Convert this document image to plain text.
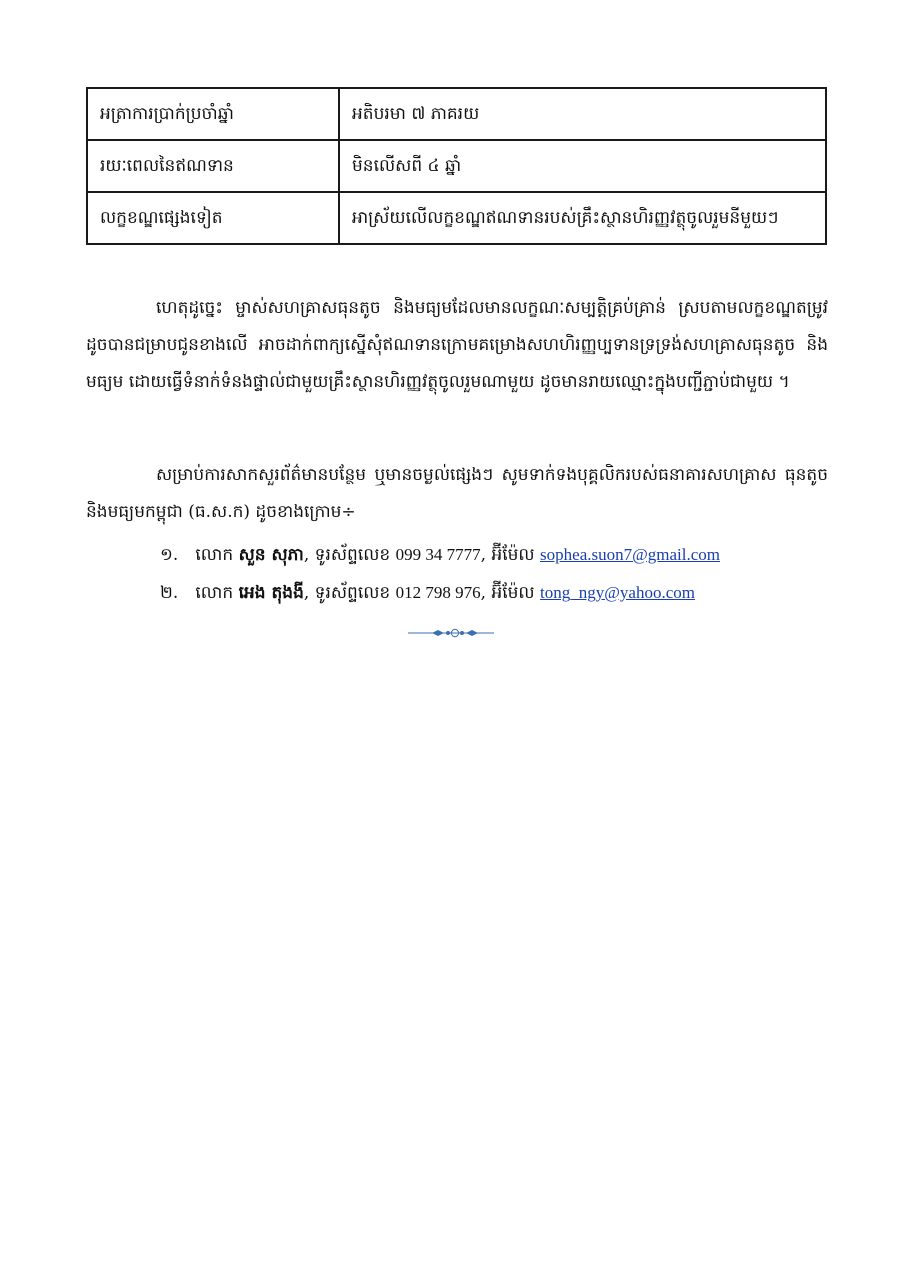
អត្រាការប្រាក់ប្រចាំឆ្នាំ	អតិបរមា ៧ ភាគរយ
រយៈពេលនៃឥណទាន	មិនលើសពី ៤ ឆ្នាំ
លក្ខខណ្ឌផ្សេងទៀត	អាស្រ័យលើលក្ខខណ្ឌឥណទានរបស់គ្រឹះស្ថានហិរញ្ញវត្ថុចូលរួមនីមួយៗ

ហេតុដូច្នេះ ម្ចាស់សហគ្រាសធុនតូច និងមធ្យមដែលមានលក្ខណៈសម្បត្តិគ្រប់គ្រាន់ ស្របតាមលក្ខខណ្ឌតម្រូវ ដូចបានជម្រាបជូនខាងលើ អាចដាក់ពាក្យស្នើសុំឥណទានក្រោមគម្រោងសហហិរញ្ញប្បទានទ្រទ្រង់សហគ្រាសធុនតូច និងមធ្យម ដោយធ្វើទំនាក់ទំនងផ្ទាល់ជាមួយគ្រឹះស្ថានហិរញ្ញវត្ថុចូលរួមណាមួយ ដូចមានរាយឈ្មោះក្នុងបញ្ជីភ្ជាប់ជាមួយ ។

សម្រាប់ការសាកសួរព័ត៌មានបន្ថែម ឬមានចម្ងល់ផ្សេងៗ សូមទាក់ទងបុគ្គលិករបស់ធនាគារសហគ្រាស ធុនតូច និងមធ្យមកម្ពុជា (ធ.ស.ក) ដូចខាងក្រោម÷

១. លោក សួន សុភា, ទូរស័ព្ទលេខ 099 34 7777, អ៊ីម៉ែល sophea.suon7@gmail.com
២. លោក អេង តុងងី, ទូរស័ព្ទលេខ 012 798 976, អ៊ីម៉ែល tong_ngy@yahoo.com
